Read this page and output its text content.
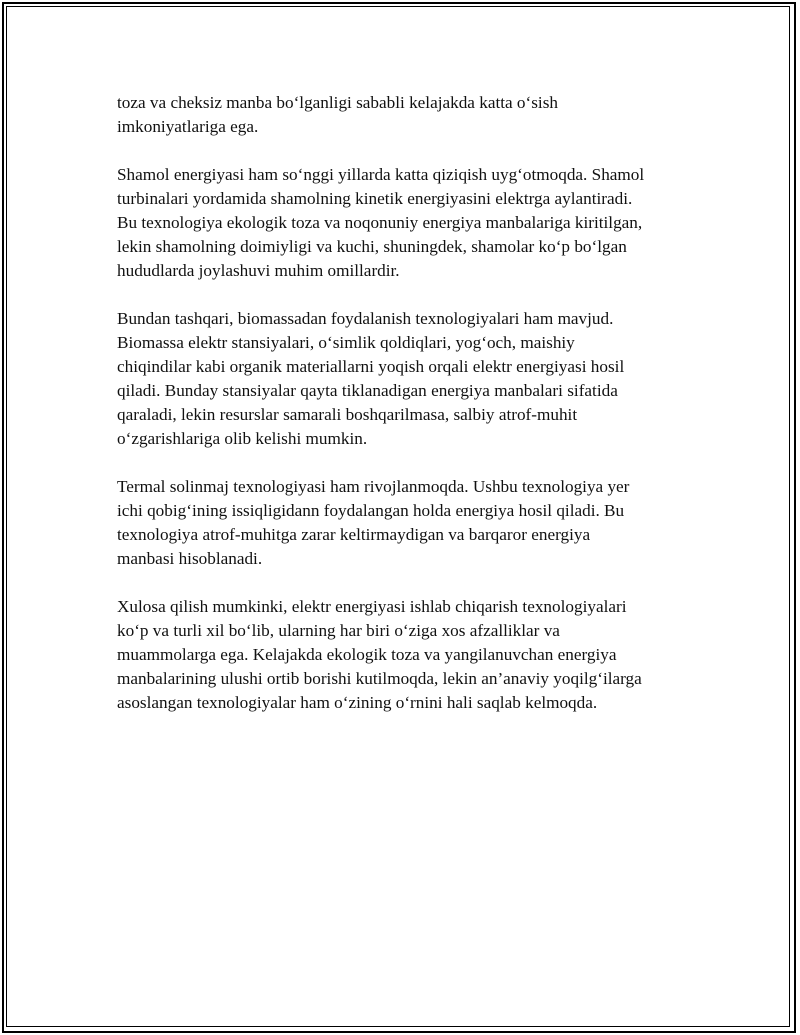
toza va cheksiz manba bo‘lganligi sababli kelajakda katta o‘sish
imkoniyatlariga ega.

Shamol energiyasi ham so‘nggi yillarda katta qiziqish uyg‘otmoqda. Shamol
turbinalari yordamida shamolning kinetik energiyasini elektrga aylantiradi.
Bu texnologiya ekologik toza va noqonuniy energiya manbalariga kiritilgan,
lekin shamolning doimiyligi va kuchi, shuningdek, shamolar ko‘p bo‘lgan
hududlarda joylashuvi muhim omillardir.

Bundan tashqari, biomassadan foydalanish texnologiyalari ham mavjud.
Biomassa elektr stansiyalari, o‘simlik qoldiqlari, yog‘och, maishiy
chiqindilar kabi organik materiallarni yoqish orqali elektr energiyasi hosil
qiladi. Bunday stansiyalar qayta tiklanadigan energiya manbalari sifatida
qaraladi, lekin resurslar samarali boshqarilmasa, salbiy atrof-muhit
o‘zgarishlariga olib kelishi mumkin.

Termal solinmaj texnologiyasi ham rivojlanmoqda. Ushbu texnologiya yer
ichi qobig‘ining issiqligidann foydalangan holda energiya hosil qiladi. Bu
texnologiya atrof-muhitga zarar keltirmaydigan va barqaror energiya
manbasi hisoblanadi.

Xulosa qilish mumkinki, elektr energiyasi ishlab chiqarish texnologiyalari
ko‘p va turli xil bo‘lib, ularning har biri o‘ziga xos afzalliklar va
muammolarga ega. Kelajakda ekologik toza va yangilanuvchan energiya
manbalarining ulushi ortib borishi kutilmoqda, lekin an’anaviy yoqilg‘ilarga
asoslangan texnologiyalar ham o‘zining o‘rnini hali saqlab kelmoqda.
